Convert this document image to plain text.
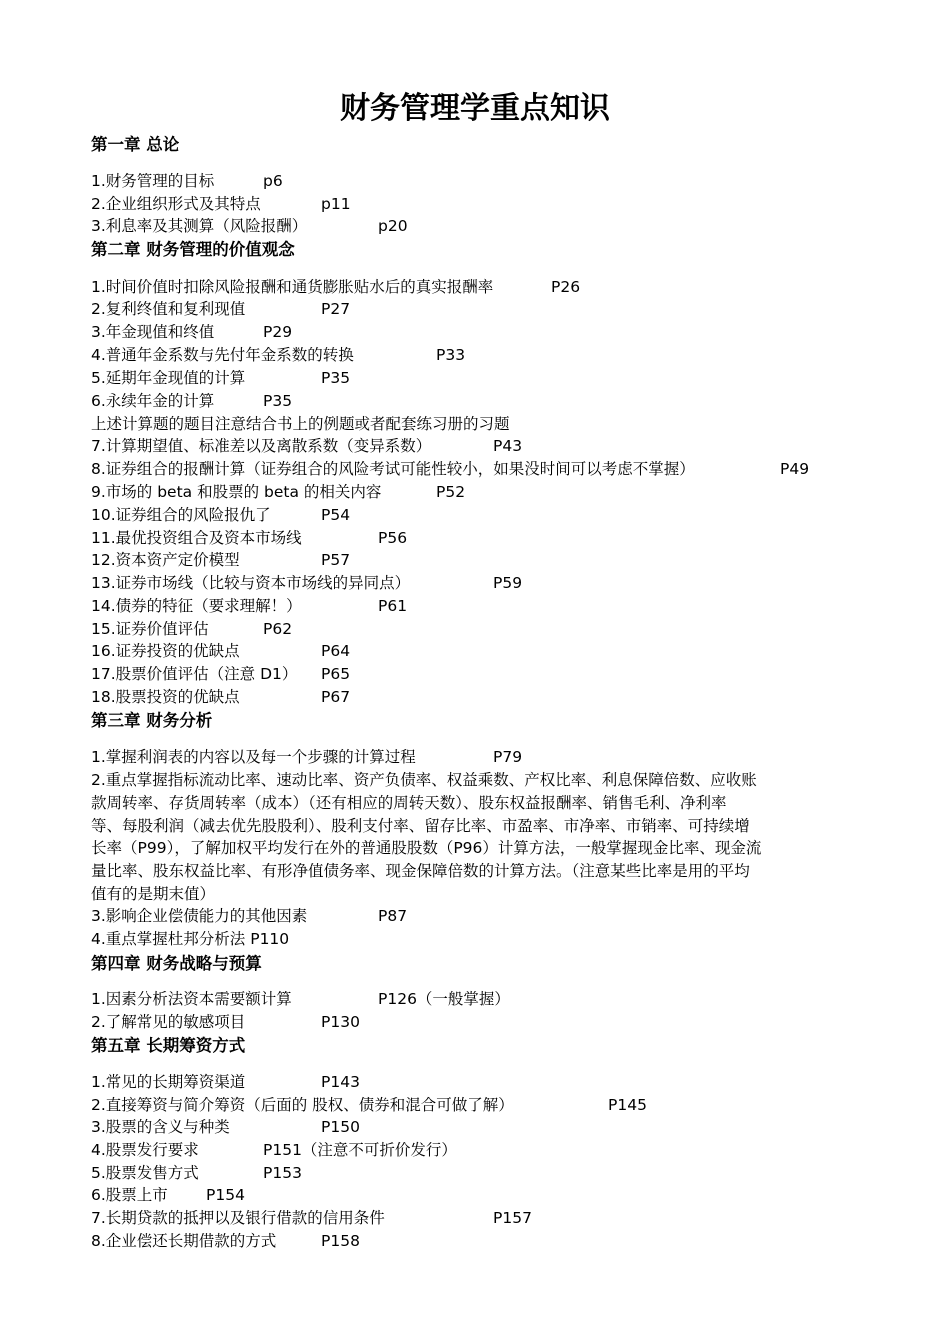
财务管理学重点知识
第一章 总论
1.财务管理的目标	p6
2.企业组织形式及其特点	p11
3.利息率及其测算（风险报酬）	p20
第二章 财务管理的价值观念
1.时间价值时扣除风险报酬和通货膨胀贴水后的真实报酬率	P26
2.复利终值和复利现值	P27
3.年金现值和终值	P29
4.普通年金系数与先付年金系数的转换	P33
5.延期年金现值的计算	P35
6.永续年金的计算	P35
上述计算题的题目注意结合书上的例题或者配套练习册的习题
7.计算期望值、标准差以及离散系数（变异系数）	P43
8.证券组合的报酬计算（证券组合的风险考试可能性较小，如果没时间可以考虑不掌握）	P49
9.市场的 beta 和股票的 beta 的相关内容	P52
10.证券组合的风险报仇了	P54
11.最优投资组合及资本市场线	P56
12.资本资产定价模型	P57
13.证券市场线（比较与资本市场线的异同点）	P59
14.债券的特征（要求理解！）	P61
15.证券价值评估	P62
16.证券投资的优缺点	P64
17.股票价值评估（注意 D1） P65
18.股票投资的优缺点	P67
第三章 财务分析
1.掌握利润表的内容以及每一个步骤的计算过程	P79
2.重点掌握指标流动比率、速动比率、资产负债率、权益乘数、产权比率、利息保障倍数、应收账
款周转率、存货周转率（成本）（还有相应的周转天数）、股东权益报酬率、销售毛利、净利率
等、每股利润（减去优先股股利）、股利支付率、留存比率、市盈率、市净率、市销率、可持续增
长率（P99），了解加权平均发行在外的普通股股数（P96）计算方法，一般掌握现金比率、现金流
量比率、股东权益比率、有形净值债务率、现金保障倍数的计算方法。（注意某些比率是用的平均
值有的是期末值）
3.影响企业偿债能力的其他因素	P87
4.重点掌握杜邦分析法 P110
第四章 财务战略与预算
1.因素分析法资本需要额计算	P126（一般掌握）
2.了解常见的敏感项目	P130
第五章 长期筹资方式
1.常见的长期筹资渠道	P143
2.直接筹资与简介筹资（后面的 股权、债券和混合可做了解）	P145
3.股票的含义与种类	P150
4.股票发行要求	P151（注意不可折价发行）
5.股票发售方式	P153
6.股票上市 P154
7.长期贷款的抵押以及银行借款的信用条件	P157
8.企业偿还长期借款的方式	P158
